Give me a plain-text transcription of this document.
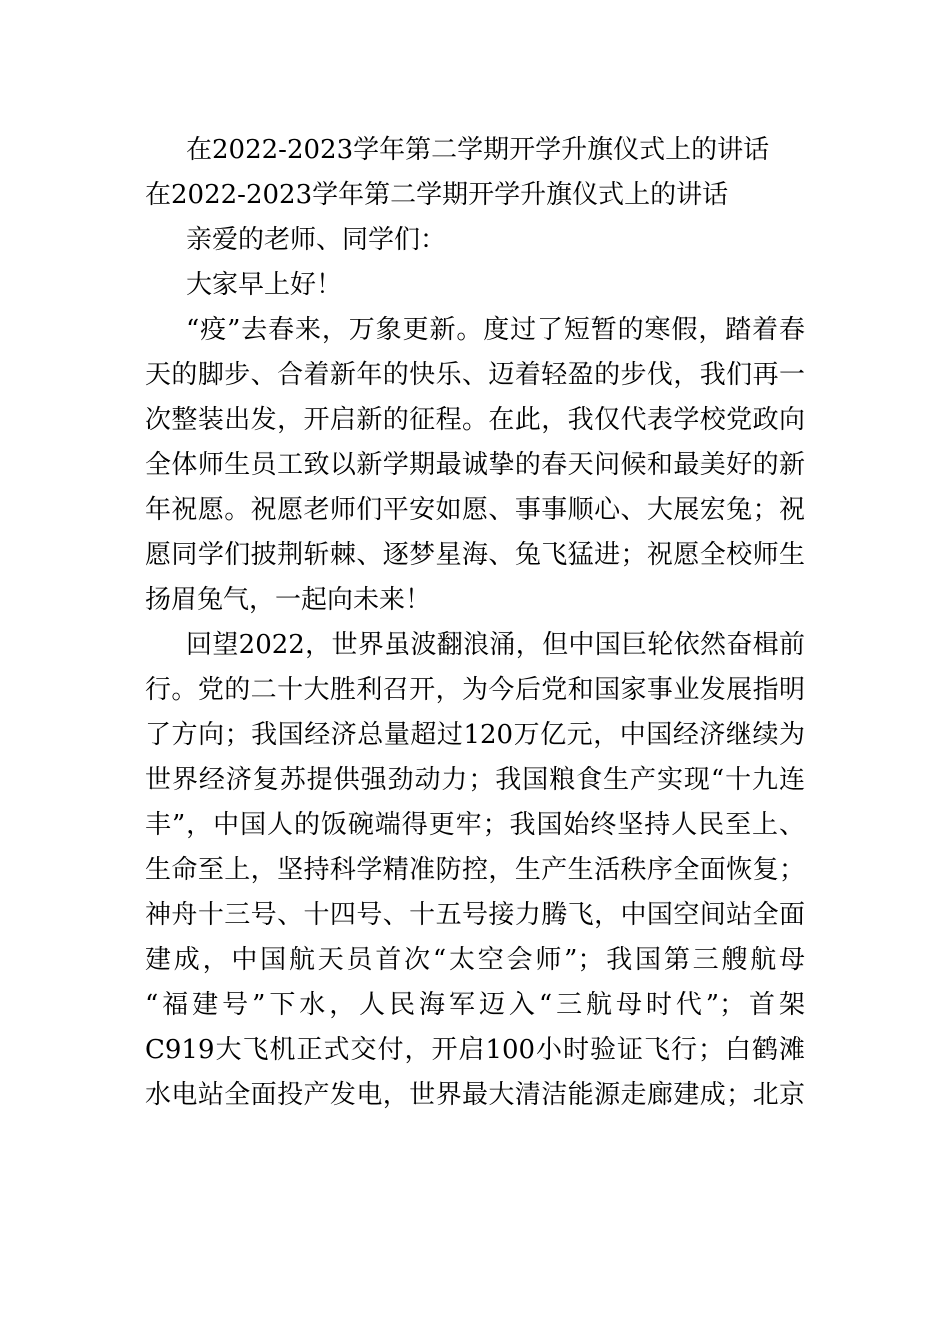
在2022-2023学年第二学期开学升旗仪式上的讲话
在2022-2023学年第二学期开学升旗仪式上的讲话
亲爱的老师、同学们：
大家早上好！
“疫”去春来，万象更新。度过了短暂的寒假，踏着春
天的脚步、合着新年的快乐、迈着轻盈的步伐，我们再一
次整装出发，开启新的征程。在此，我仅代表学校党政向
全体师生员工致以新学期最诚挚的春天问候和最美好的新
年祝愿。祝愿老师们平安如愿、事事顺心、大展宏兔；祝
愿同学们披荆斩棘、逐梦星海、兔飞猛进；祝愿全校师生
扬眉兔气，一起向未来！
回望2022，世界虽波翻浪涌，但中国巨轮依然奋楫前
行。党的二十大胜利召开，为今后党和国家事业发展指明
了方向；我国经济总量超过120万亿元，中国经济继续为
世界经济复苏提供强劲动力；我国粮食生产实现“十九连
丰”，中国人的饭碗端得更牢；我国始终坚持人民至上、
生命至上，坚持科学精准防控，生产生活秩序全面恢复；
神舟十三号、十四号、十五号接力腾飞，中国空间站全面
建成，中国航天员首次“太空会师”；我国第三艘航母
“福建号”下水，人民海军迈入“三航母时代”；首架
C919大飞机正式交付，开启100小时验证飞行；白鹤滩
水电站全面投产发电，世界最大清洁能源走廊建成；北京
